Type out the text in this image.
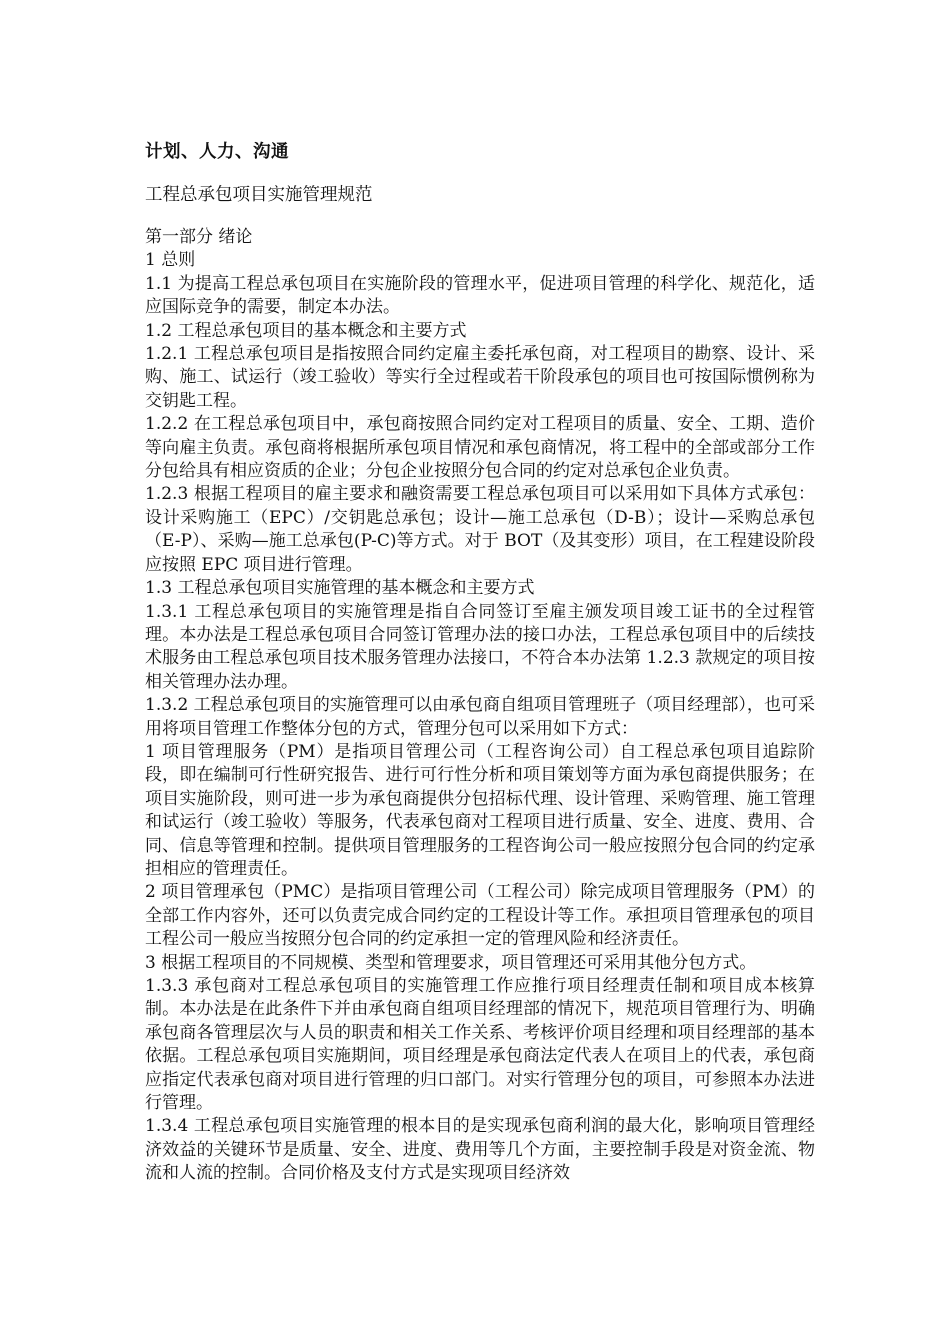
计划、人力、沟通
工程总承包项目实施管理规范

第一部分 绪论

1 总则

1.1 为提高工程总承包项目在实施阶段的管理水平，促进项目管理的科学化、规范化，适应国际竞争的需要，制定本办法。

1.2 工程总承包项目的基本概念和主要方式

1.2.1 工程总承包项目是指按照合同约定雇主委托承包商，对工程项目的勘察、设计、采购、施工、试运行（竣工验收）等实行全过程或若干阶段承包的项目也可按国际惯例称为交钥匙工程。

1.2.2 在工程总承包项目中，承包商按照合同约定对工程项目的质量、安全、工期、造价等向雇主负责。承包商将根据所承包项目情况和承包商情况，将工程中的全部或部分工作分包给具有相应资质的企业；分包企业按照分包合同的约定对总承包企业负责。

1.2.3 根据工程项目的雇主要求和融资需要工程总承包项目可以采用如下具体方式承包：设计采购施工（EPC）/交钥匙总承包；设计—施工总承包（D-B）；设计—采购总承包（E-P）、采购—施工总承包(P-C)等方式。对于 BOT（及其变形）项目，在工程建设阶段应按照 EPC 项目进行管理。

1.3 工程总承包项目实施管理的基本概念和主要方式

1.3.1 工程总承包项目的实施管理是指自合同签订至雇主颁发项目竣工证书的全过程管理。本办法是工程总承包项目合同签订管理办法的接口办法，工程总承包项目中的后续技术服务由工程总承包项目技术服务管理办法接口，不符合本办法第 1.2.3 款规定的项目按相关管理办法办理。

1.3.2 工程总承包项目的实施管理可以由承包商自组项目管理班子（项目经理部），也可采用将项目管理工作整体分包的方式，管理分包可以采用如下方式：

1 项目管理服务（PM）是指项目管理公司（工程咨询公司）自工程总承包项目追踪阶段，即在编制可行性研究报告、进行可行性分析和项目策划等方面为承包商提供服务；在项目实施阶段，则可进一步为承包商提供分包招标代理、设计管理、采购管理、施工管理和试运行（竣工验收）等服务，代表承包商对工程项目进行质量、安全、进度、费用、合同、信息等管理和控制。提供项目管理服务的工程咨询公司一般应按照分包合同的约定承担相应的管理责任。

2 项目管理承包（PMC）是指项目管理公司（工程公司）除完成项目管理服务（PM）的全部工作内容外，还可以负责完成合同约定的工程设计等工作。承担项目管理承包的项目工程公司一般应当按照分包合同的约定承担一定的管理风险和经济责任。

3 根据工程项目的不同规模、类型和管理要求，项目管理还可采用其他分包方式。

1.3.3 承包商对工程总承包项目的实施管理工作应推行项目经理责任制和项目成本核算制。本办法是在此条件下并由承包商自组项目经理部的情况下，规范项目管理行为、明确承包商各管理层次与人员的职责和相关工作关系、考核评价项目经理和项目经理部的基本依据。工程总承包项目实施期间，项目经理是承包商法定代表人在项目上的代表，承包商应指定代表承包商对项目进行管理的归口部门。对实行管理分包的项目，可参照本办法进行管理。

1.3.4 工程总承包项目实施管理的根本目的是实现承包商利润的最大化，影响项目管理经济效益的关键环节是质量、安全、进度、费用等几个方面，主要控制手段是对资金流、物流和人流的控制。合同价格及支付方式是实现项目经济效
